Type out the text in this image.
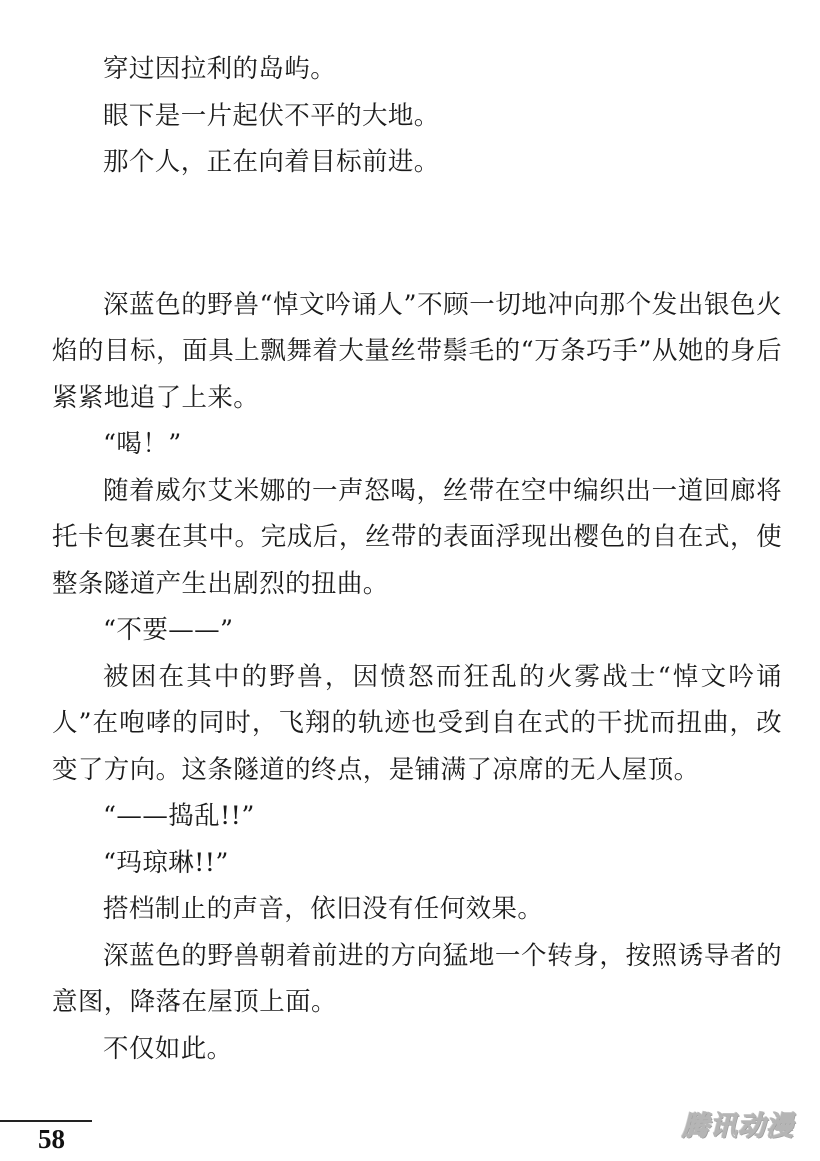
穿过因拉利的岛屿。

眼下是一片起伏不平的大地。

那个人，正在向着目标前进。

深蓝色的野兽“悼文吟诵人”不顾一切地冲向那个发出银色火焰的目标，面具上飘舞着大量丝带鬃毛的“万条巧手”从她的身后紧紧地追了上来。

“喝！”

随着威尔艾米娜的一声怒喝，丝带在空中编织出一道回廊将托卡包裹在其中。完成后，丝带的表面浮现出樱色的自在式，使整条隧道产生出剧烈的扭曲。

“不要——”

被困在其中的野兽，因愤怒而狂乱的火雾战士“悼文吟诵人”在咆哮的同时，飞翔的轨迹也受到自在式的干扰而扭曲，改变了方向。这条隧道的终点，是铺满了凉席的无人屋顶。

“——捣乱!!”

“玛琼琳!!”

搭档制止的声音，依旧没有任何效果。

深蓝色的野兽朝着前进的方向猛地一个转身，按照诱导者的意图，降落在屋顶上面。

不仅如此。

58	腾讯动漫
